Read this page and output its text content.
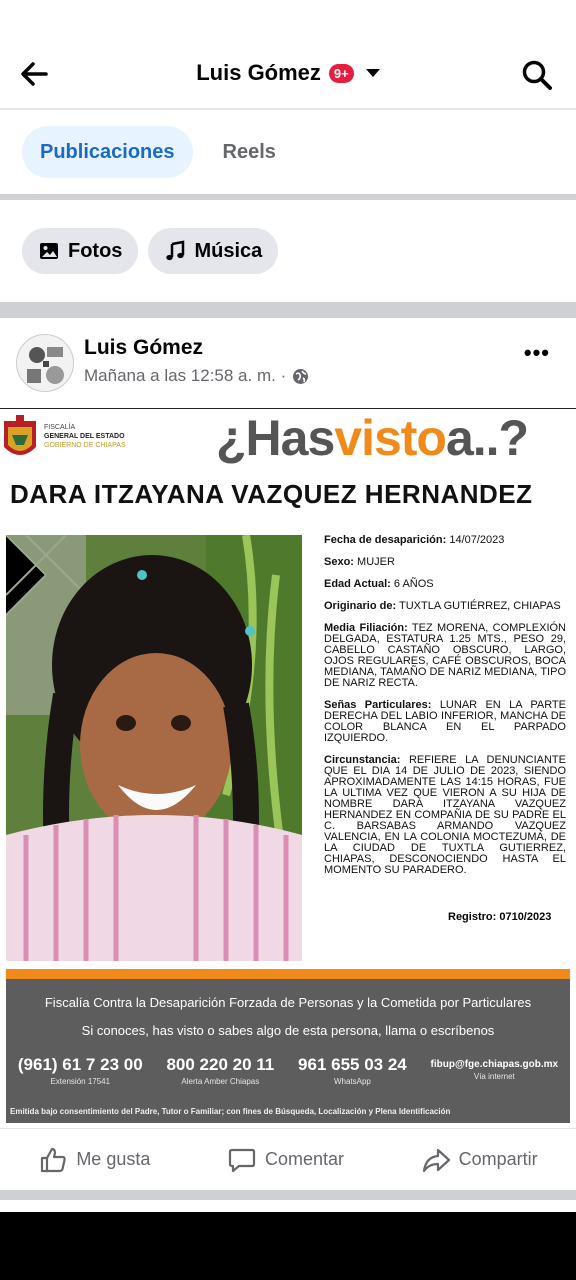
Luis Gómez	9+
Publicaciones	Reels
Fotos	Música
Luis Gómez
Mañana a las 12:58 a. m. ·
•••
FISCALÍA
GENERAL DEL ESTADO
GOBIERNO DE CHIAPAS ¿Hasvistoa..?
DARA ITZAYANA VAZQUEZ HERNANDEZ

Fecha de desaparición: 14/07/2023

Sexo: MUJER

Edad Actual: 6 AÑOS

Originario de: TUXTLA GUTIÉRREZ, CHIAPAS

Media Filiación: TEZ MORENA, COMPLEXIÓN DELGADA, ESTATURA 1.25 MTS., PESO 29, CABELLO CASTAÑO OBSCURO, LARGO, OJOS REGULARES, CAFÉ OBSCUROS, BOCA MEDIANA, TAMAÑO DE NARIZ MEDIANA, TIPO DE NARIZ RECTA.

Señas Particulares: LUNAR EN LA PARTE DERECHA DEL LABIO INFERIOR, MANCHA DE COLOR BLANCA EN EL PARPADO IZQUIERDO.

Circunstancia: REFIERE LA DENUNCIANTE QUE EL DIA 14 DE JULIO DE 2023, SIENDO APROXIMADAMENTE LAS 14:15 HORAS, FUE LA ULTIMA VEZ QUE VIERON A SU HIJA DE NOMBRE DARA ITZAYANA VAZQUEZ HERNANDEZ EN COMPAÑIA DE SU PADRE EL C. BARSABAS ARMANDO VAZQUEZ VALENCIA, EN LA COLONIA MOCTEZUMA, DE LA CIUDAD DE TUXTLA GUTIERREZ, CHIAPAS, DESCONOCIENDO HASTA EL MOMENTO SU PARADERO.

Registro: 0710/2023
Fiscalía Contra la Desaparición Forzada de Personas y la Cometida por Particulares
Si conoces, has visto o sabes algo de esta persona, llama o escríbenos
(961) 61 7 23 00
Extensión 17541
800 220 20 11
Alerta Amber Chiapas
961 655 03 24
WhatsApp
fibup@fge.chiapas.gob.mx
Vía internet
Emitida bajo consentimiento del Padre, Tutor o Familiar; con fines de Búsqueda, Localización y Plena Identificación
Me gusta	Comentar	Compartir
